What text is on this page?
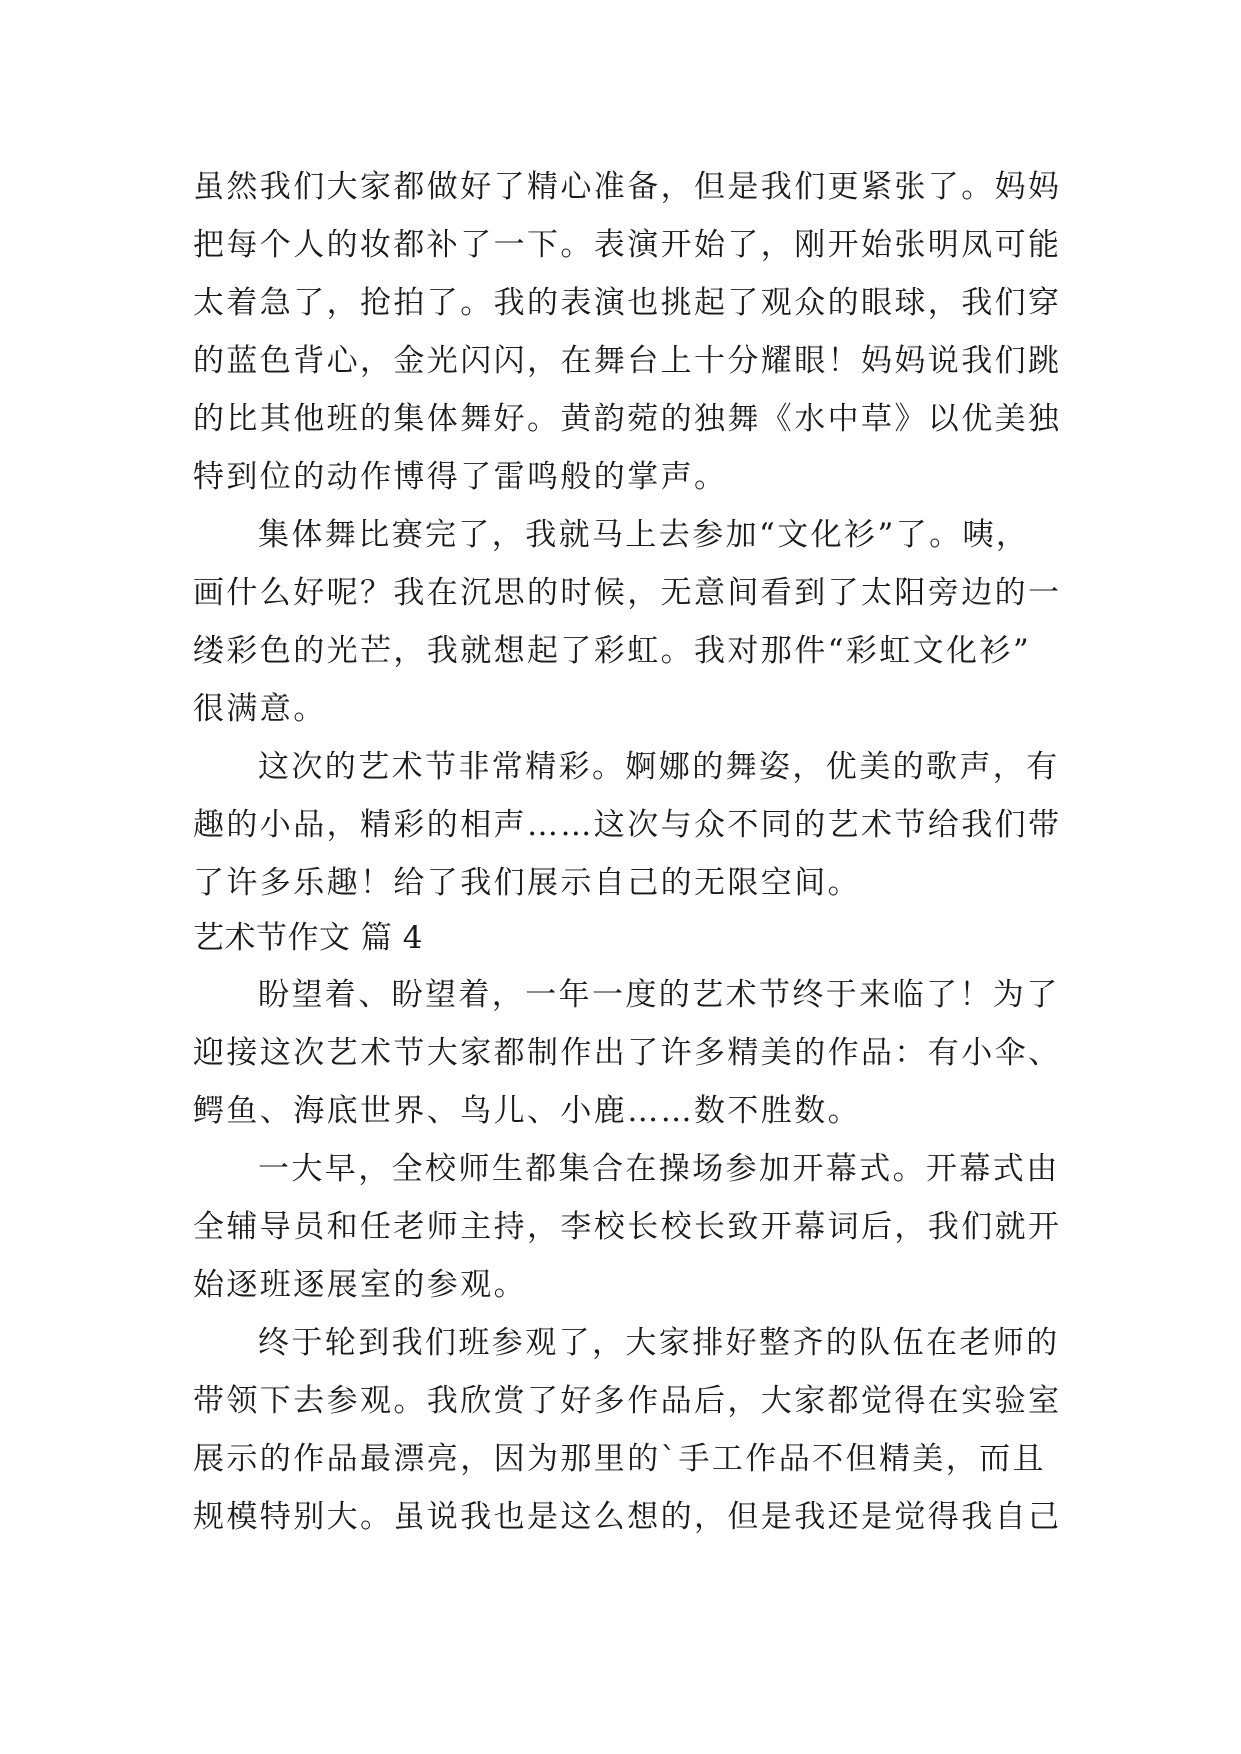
虽然我们大家都做好了精心准备，但是我们更紧张了。妈妈

把每个人的妆都补了一下。表演开始了，刚开始张明凤可能

太着急了，抢拍了。我的表演也挑起了观众的眼球，我们穿

的蓝色背心，金光闪闪，在舞台上十分耀眼！妈妈说我们跳

的比其他班的集体舞好。黄韵菀的独舞《水中草》以优美独

特到位的动作博得了雷鸣般的掌声。

集体舞比赛完了，我就马上去参加“文化衫”了。咦，

画什么好呢？我在沉思的时候，无意间看到了太阳旁边的一

缕彩色的光芒，我就想起了彩虹。我对那件“彩虹文化衫”

很满意。

这次的艺术节非常精彩。婀娜的舞姿，优美的歌声，有

趣的小品，精彩的相声……这次与众不同的艺术节给我们带

了许多乐趣！给了我们展示自己的无限空间。

艺术节作文 篇 4

盼望着、盼望着，一年一度的艺术节终于来临了！为了

迎接这次艺术节大家都制作出了许多精美的作品：有小伞、

鳄鱼、海底世界、鸟儿、小鹿……数不胜数。

一大早，全校师生都集合在操场参加开幕式。开幕式由

全辅导员和任老师主持，李校长校长致开幕词后，我们就开

始逐班逐展室的参观。

终于轮到我们班参观了，大家排好整齐的队伍在老师的

带领下去参观。我欣赏了好多作品后，大家都觉得在实验室

展示的作品最漂亮，因为那里的`手工作品不但精美，而且

规模特别大。虽说我也是这么想的，但是我还是觉得我自己
